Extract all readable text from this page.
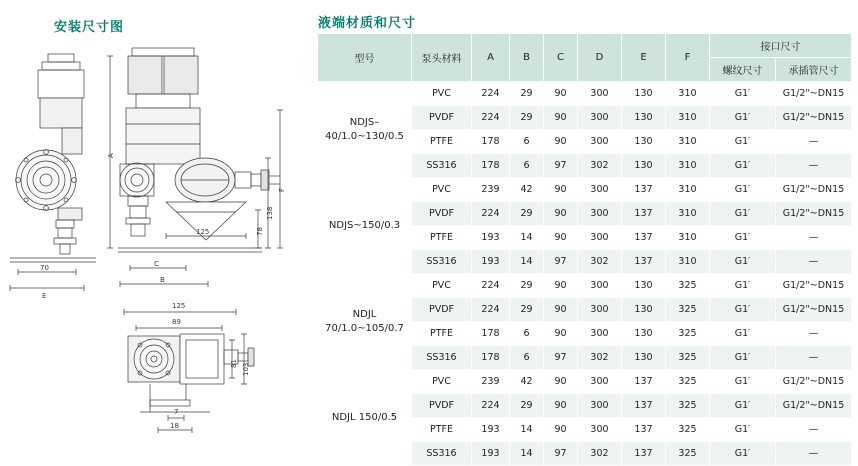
安装尺寸图	液端材质和尺寸
70
E
A
C
B
125	78
138
F
125
89
81 103
7
18
型号	泵头材料	A	B	C	D	E	F	接口尺寸	
								螺纹尺寸	承插管尺寸
NDJS–40/1.0~130/0.5	PVC	224	29	90	300	130	310	G1′	G1/2"~DN15
	PVDF	224	29	90	300	130	310	G1′	G1/2"~DN15
	PTFE	178	6	90	300	130	310	G1′	—
	SS316	178	6	97	302	130	310	G1′	—
NDJS~150/0.3	PVC	239	42	90	300	137	310	G1′	G1/2"~DN15
	PVDF	224	29	90	300	137	310	G1′	G1/2"~DN15
	PTFE	193	14	90	300	137	310	G1′	—
	SS316	193	14	97	302	137	310	G1′	—
NDJL 70/1.0~105/0.7	PVC	224	29	90	300	130	325	G1′	G1/2"~DN15
	PVDF	224	29	90	300	130	325	G1′	G1/2"~DN15
	PTFE	178	6	90	300	130	325	G1′	—
	SS316	178	6	97	302	130	325	G1′	—
NDJL 150/0.5	PVC	239	42	90	300	137	325	G1′	G1/2"~DN15
	PVDF	224	29	90	300	137	325	G1′	G1/2"~DN15
	PTFE	193	14	90	300	137	325	G1′	—
	SS316	193	14	97	302	137	325	G1′	—
